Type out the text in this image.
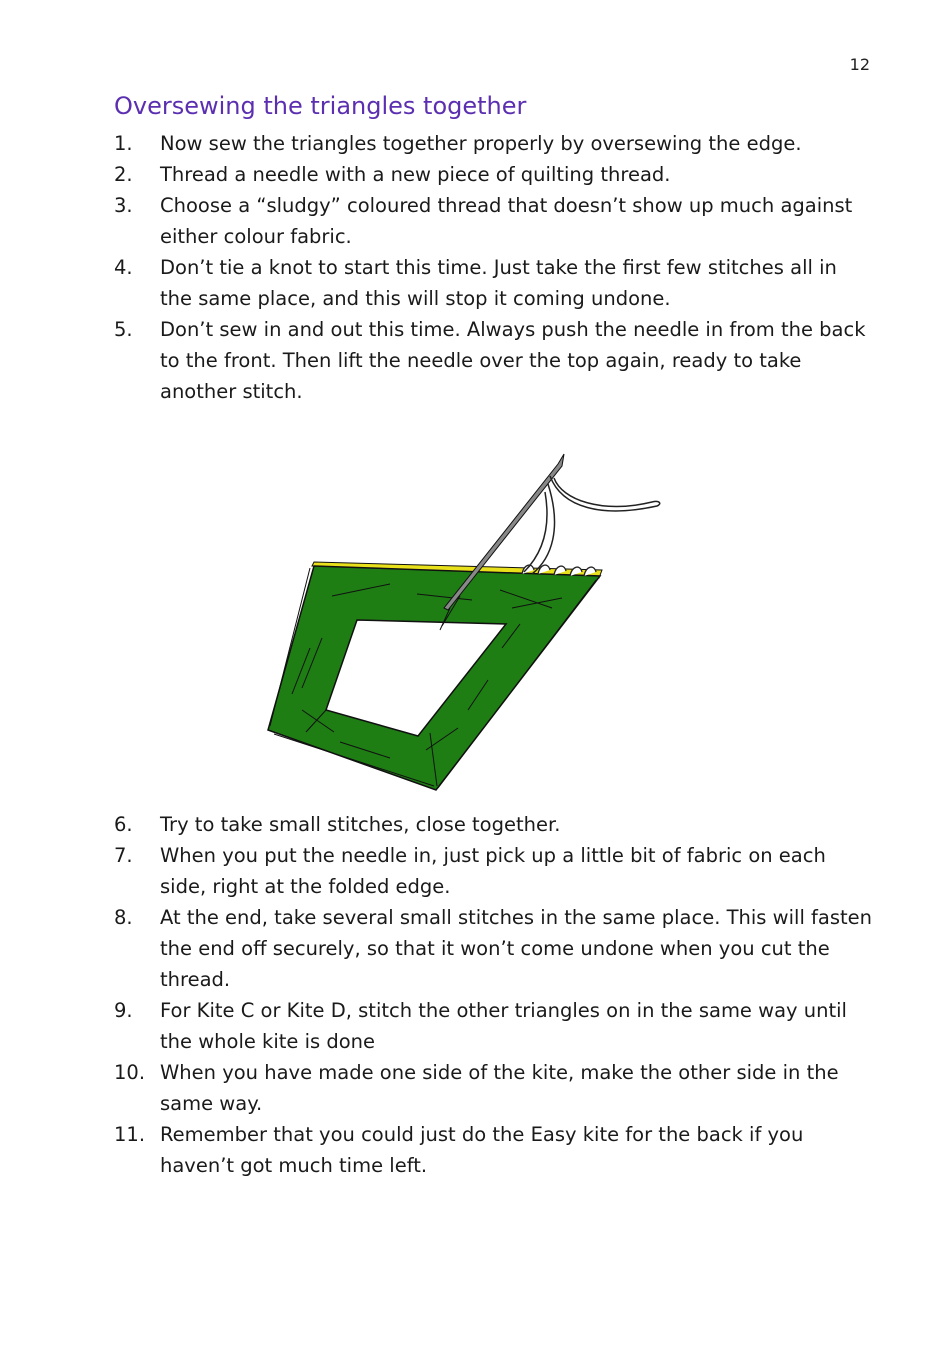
12
Oversewing the triangles together
1.	Now sew the triangles together properly by oversewing the edge.
2.	Thread a needle with a new piece of quilting thread.
3.	Choose a “sludgy” coloured thread that doesn’t show up much against either colour fabric.
4.	Don’t tie a knot to start this time. Just take the first few stitches all in the same place, and this will stop it coming undone.
5.	Don’t sew in and out this time. Always push the needle in from the back to the front. Then lift the needle over the top again, ready to take another stitch.
6.	Try to take small stitches, close together.
7.	When you put the needle in, just pick up a little bit of fabric on each side, right at the folded edge.
8.	At the end, take several small stitches in the same place. This will fasten the end off securely, so that it won’t come undone when you cut the thread.
9.	For Kite C or Kite D, stitch the other triangles on in the same way until the whole kite is done
10. When you have made one side of the kite, make the other side in the same way.
11. Remember that you could just do the Easy kite for the back if you haven’t got much time left.
